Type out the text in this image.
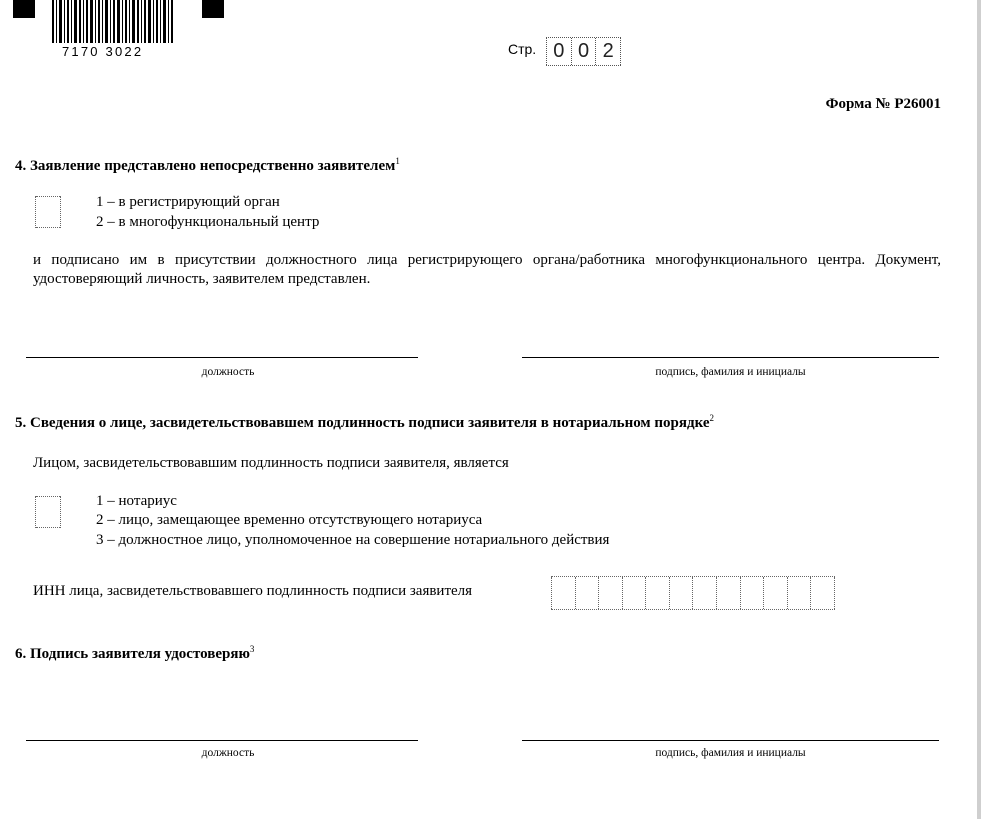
7170 3022	Стр. 0 0 2
Форма № Р26001
4. Заявление представлено непосредственно заявителем$^1$
1 – в регистрирующий орган
2 – в многофункциональный центр
и подписано им в присутствии должностного лица регистрирующего органа/работника многофункционального центра. Документ, удостоверяющий личность, заявителем представлен.
должность	подпись, фамилия и инициалы
5. Сведения о лице, засвидетельствовавшем подлинность подписи заявителя в нотариальном порядке$^2$
Лицом, засвидетельствовавшим подлинность подписи заявителя, является
1 – нотариус
2 – лицо, замещающее временно отсутствующего нотариуса
3 – должностное лицо, уполномоченное на совершение нотариального действия
ИНН лица, засвидетельствовавшего подлинность подписи заявителя
6. Подпись заявителя удостоверяю$^3$
должность	подпись, фамилия и инициалы
